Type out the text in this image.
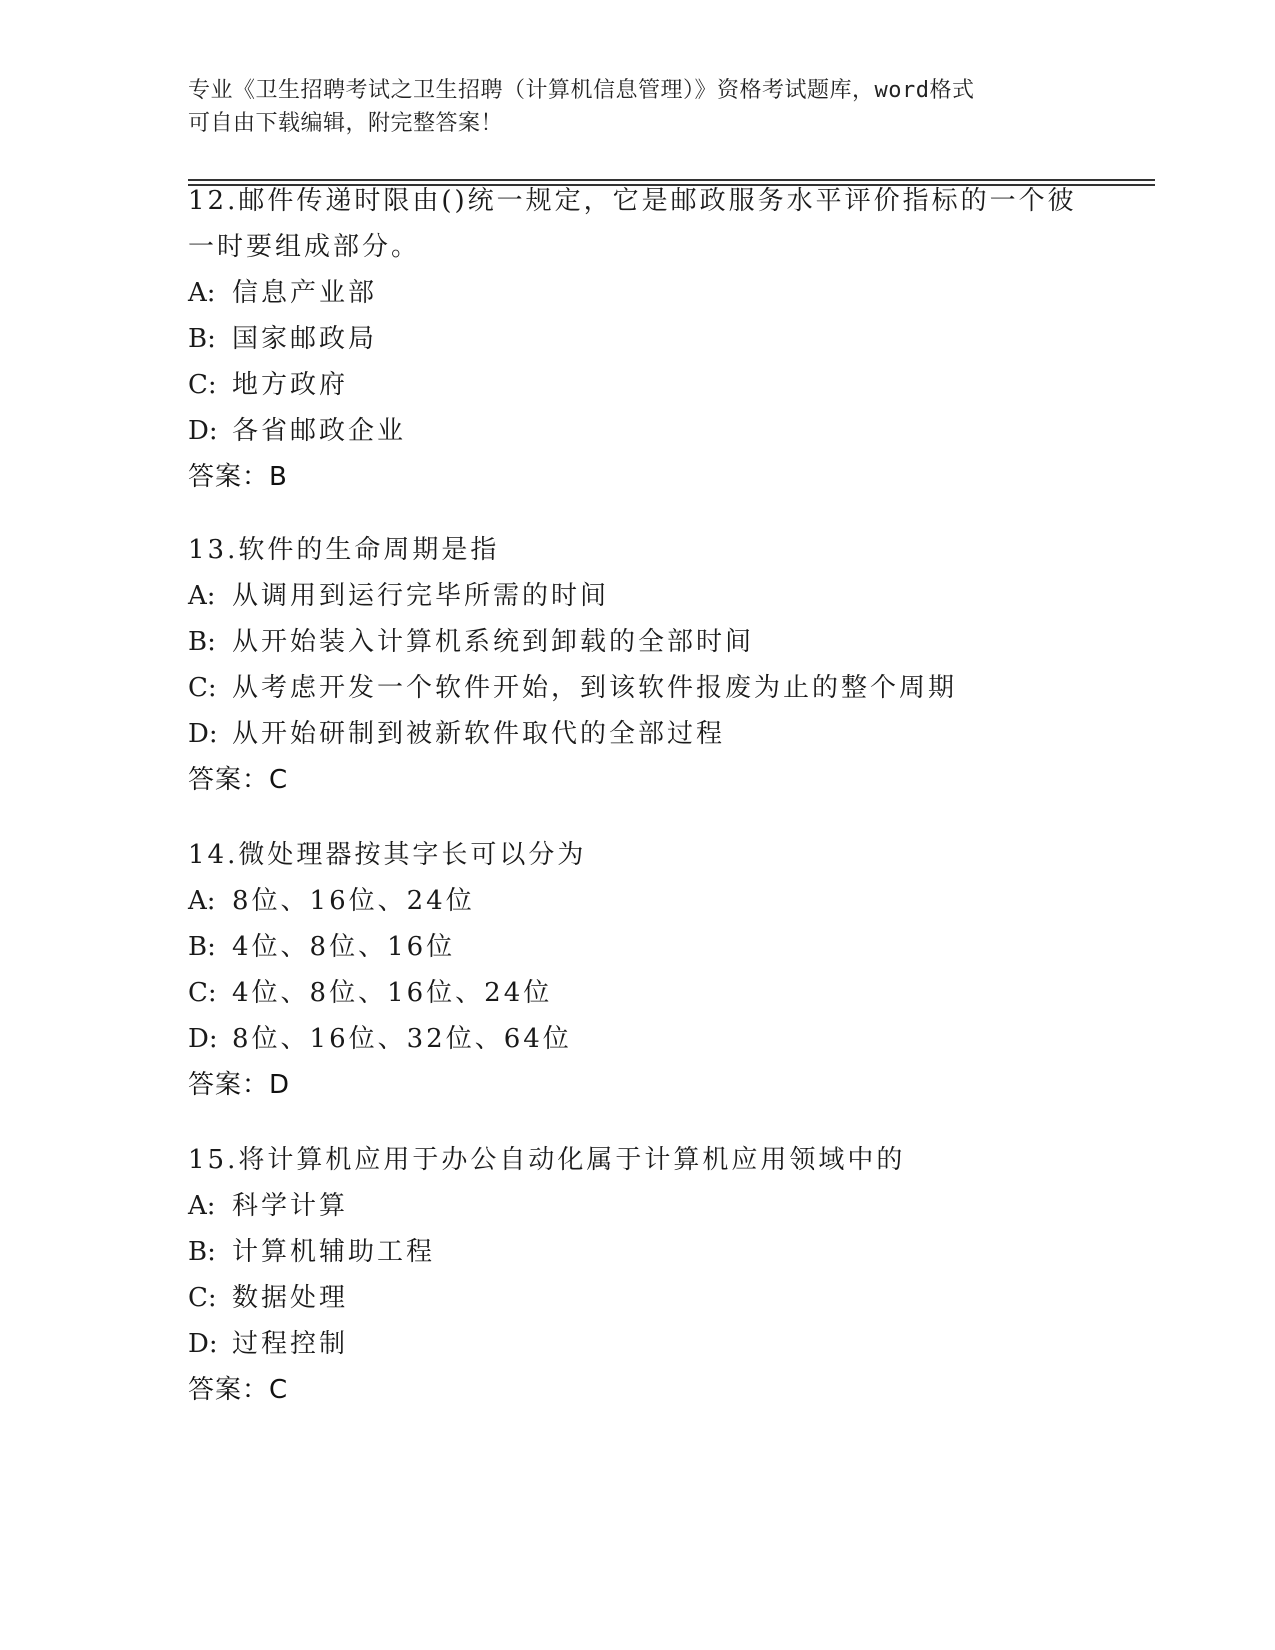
专业《卫生招聘考试之卫生招聘（计算机信息管理）》资格考试题库，word格式
可自由下载编辑，附完整答案！
12.邮件传递时限由()统一规定，它是邮政服务水平评价指标的一个彼
一时要组成部分。
A: 信息产业部
B: 国家邮政局
C: 地方政府
D: 各省邮政企业
答案：B
13.软件的生命周期是指
A: 从调用到运行完毕所需的时间
B: 从开始装入计算机系统到卸载的全部时间
C: 从考虑开发一个软件开始，到该软件报废为止的整个周期
D: 从开始研制到被新软件取代的全部过程
答案：C
14.微处理器按其字长可以分为
A: 8位、16位、24位
B: 4位、8位、16位
C: 4位、8位、16位、24位
D: 8位、16位、32位、64位
答案：D
15.将计算机应用于办公自动化属于计算机应用领域中的
A: 科学计算
B: 计算机辅助工程
C: 数据处理
D: 过程控制
答案：C
